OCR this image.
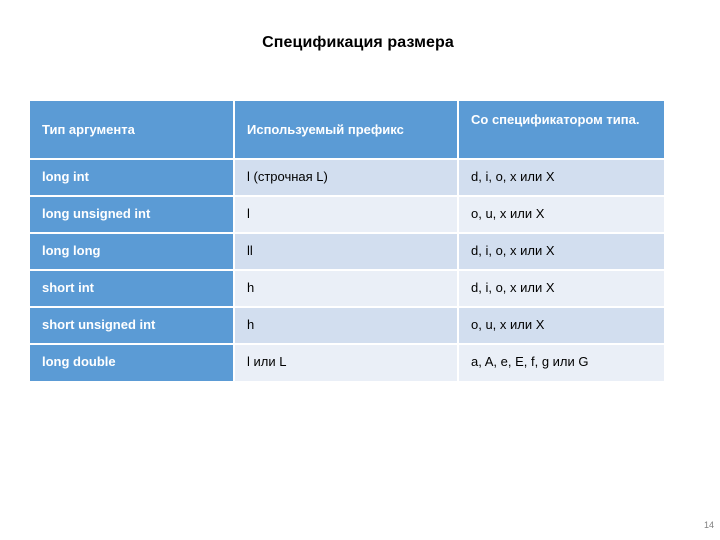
Спецификация размера
Тип аргумента	Используемый префикс	Со спецификатором типа.
long int	l (строчная L)	d, i, o, x или X
long unsigned int	l	o, u, x или X
long long	ll	d, i, o, x или X
short int	h	d, i, o, x или X
short unsigned int	h	o, u, x или X
long double	l или L	a, A, e, E, f, g или G
14
